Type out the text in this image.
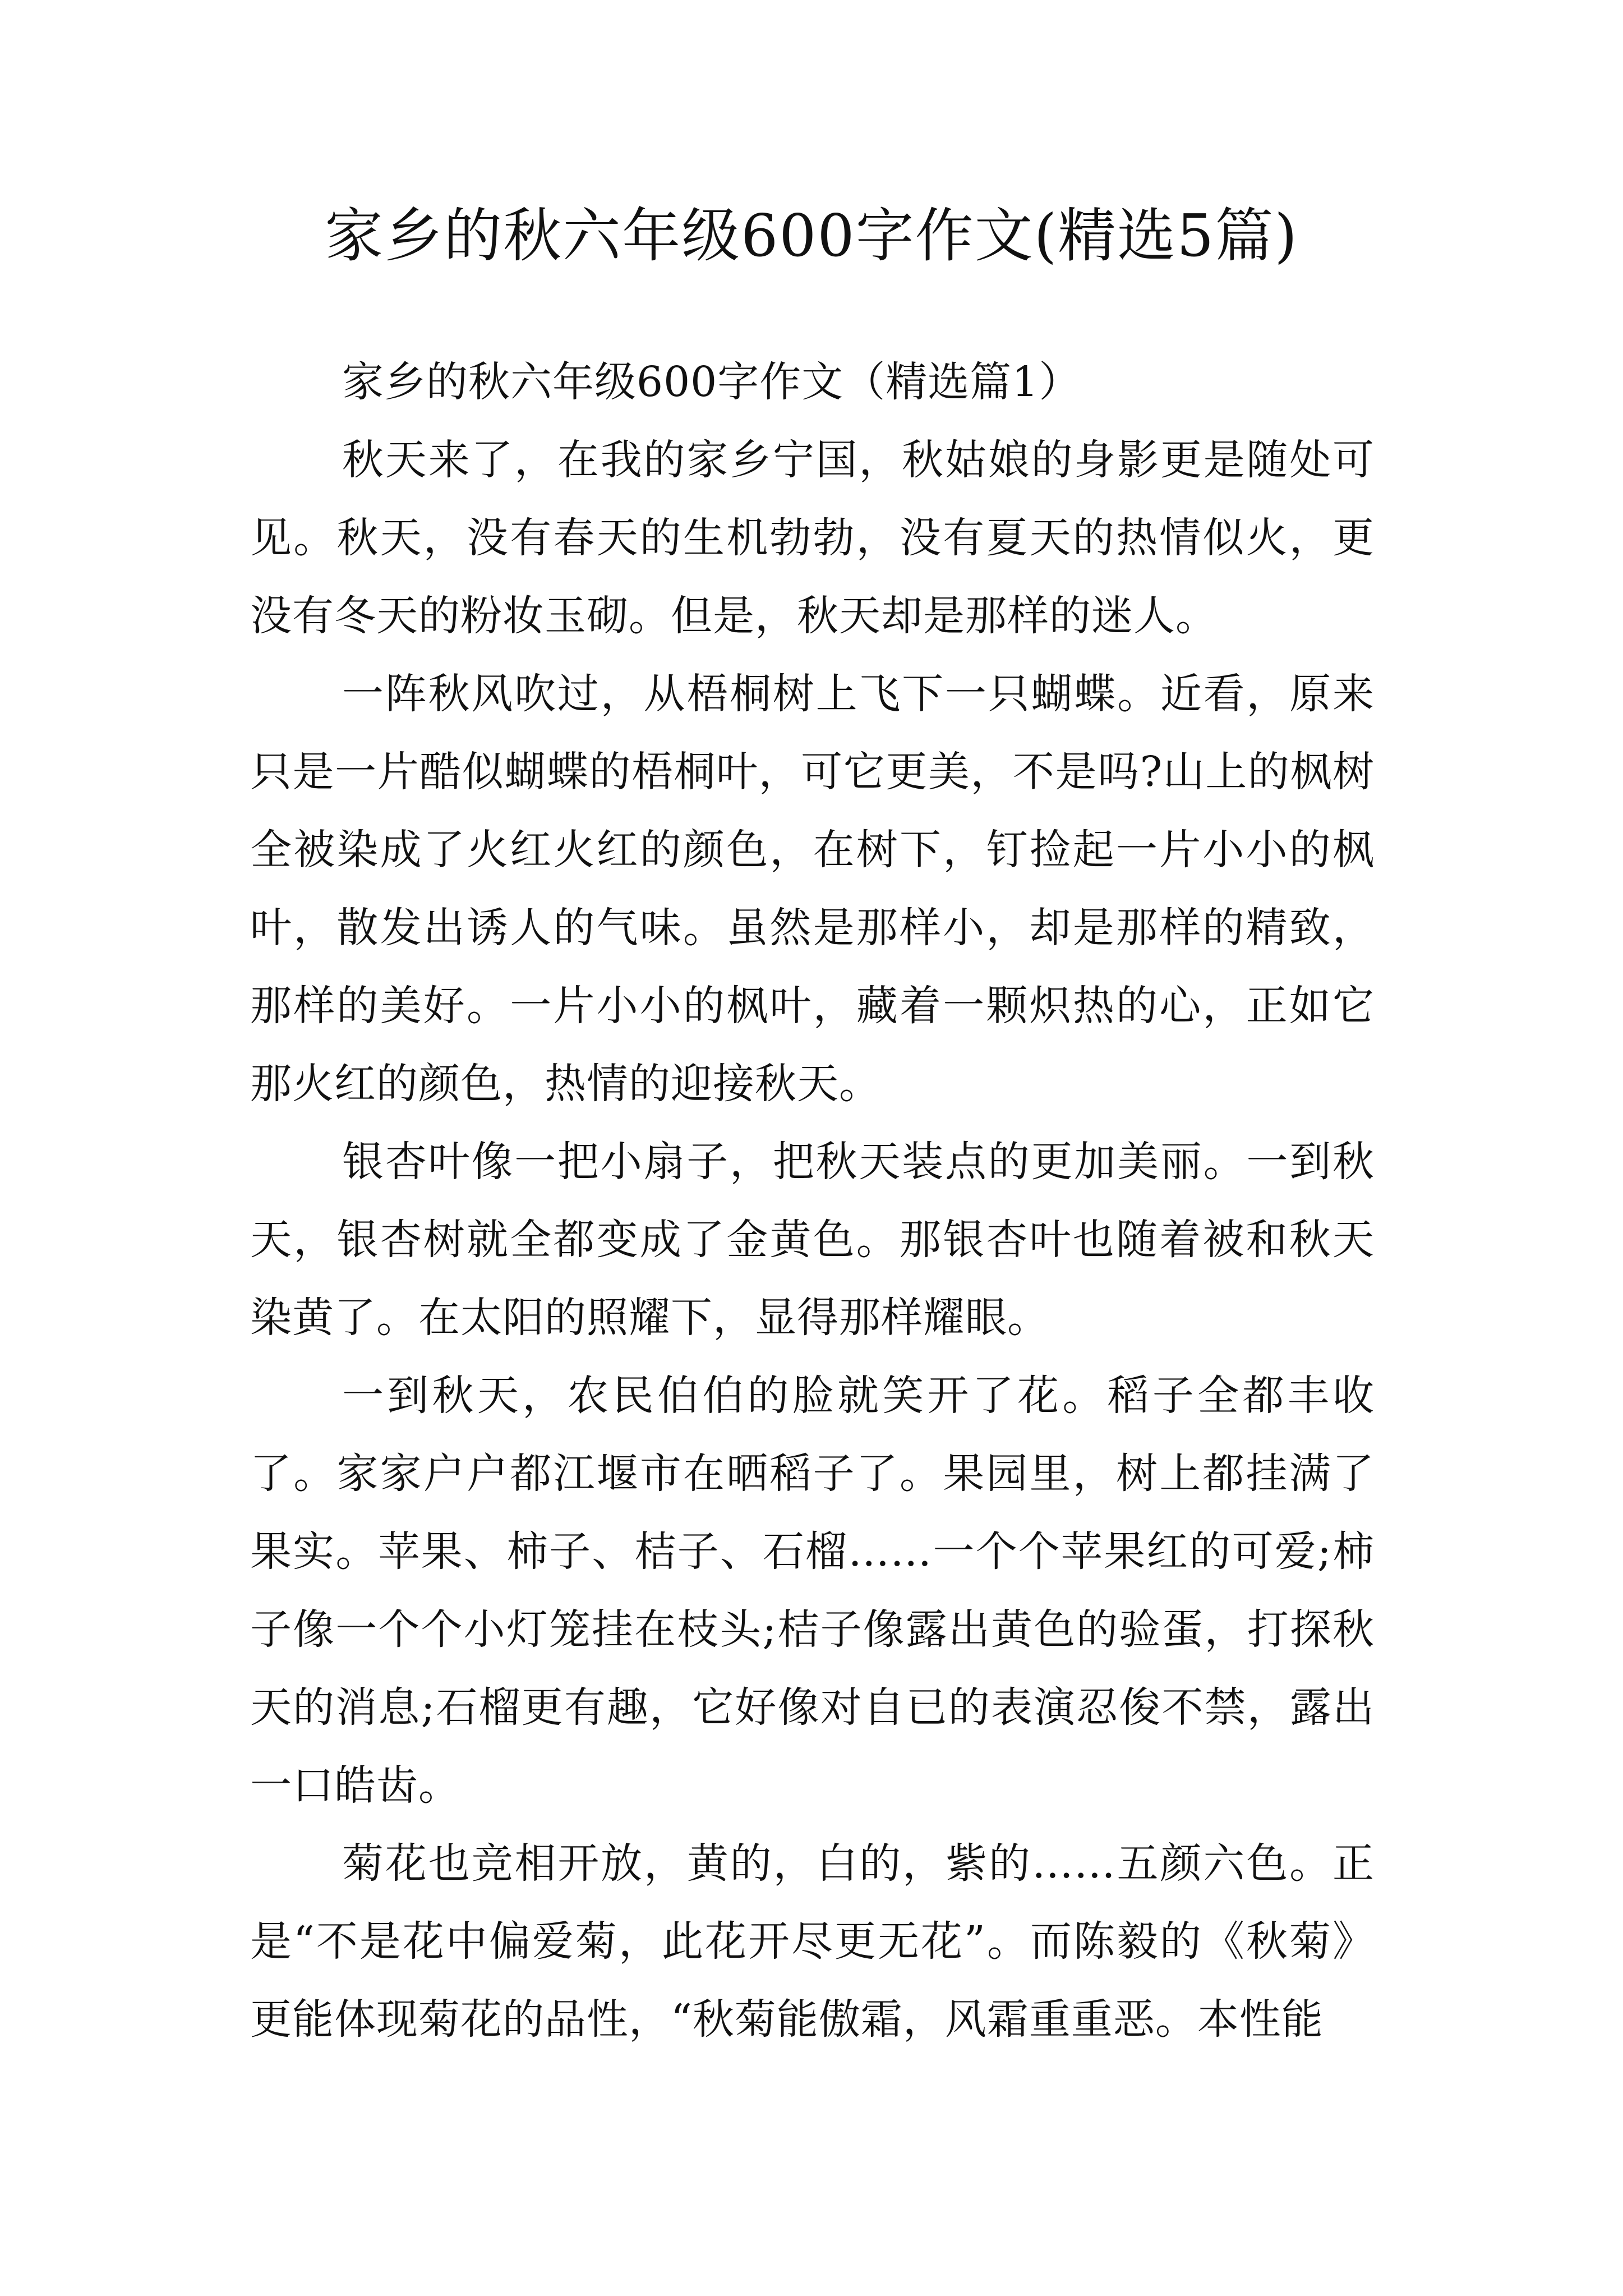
家乡的秋六年级600字作文(精选5篇)

家乡的秋六年级600字作文（精选篇1）

秋天来了，在我的家乡宁国，秋姑娘的身影更是随处可见。秋天，没有春天的生机勃勃，没有夏天的热情似火，更没有冬天的粉妆玉砌。但是，秋天却是那样的迷人。

一阵秋风吹过，从梧桐树上飞下一只蝴蝶。近看，原来只是一片酷似蝴蝶的梧桐叶，可它更美，不是吗?山上的枫树全被染成了火红火红的颜色，在树下，钉捡起一片小小的枫叶，散发出诱人的气味。虽然是那样小，却是那样的精致，那样的美好。一片小小的枫叶，藏着一颗炽热的心，正如它那火红的颜色，热情的迎接秋天。

银杏叶像一把小扇子，把秋天装点的更加美丽。一到秋天，银杏树就全都变成了金黄色。那银杏叶也随着被和秋天染黄了。在太阳的照耀下，显得那样耀眼。

一到秋天，农民伯伯的脸就笑开了花。稻子全都丰收了。家家户户都江堰市在晒稻子了。果园里，树上都挂满了果实。苹果、柿子、桔子、石榴……一个个苹果红的可爱;柿子像一个个小灯笼挂在枝头;桔子像露出黄色的验蛋，打探秋天的消息;石榴更有趣，它好像对自已的表演忍俊不禁，露出一口皓齿。

菊花也竞相开放，黄的，白的，紫的……五颜六色。正是“不是花中偏爱菊，此花开尽更无花”。而陈毅的《秋菊》更能体现菊花的品性，“秋菊能傲霜，风霜重重恶。本性能
